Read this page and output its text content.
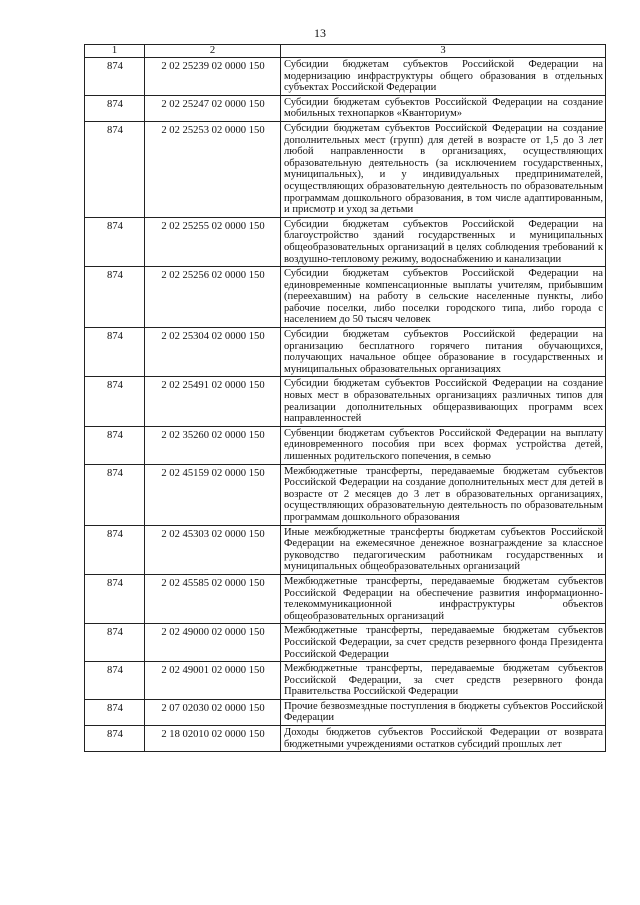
13
1	2	3
874	2 02 25239 02 0000 150	Субсидии бюджетам субъектов Российской Федерации на модернизацию инфраструктуры общего образования в отдельных субъектах Российской Федерации
874	2 02 25247 02 0000 150	Субсидии бюджетам субъектов Российской Федерации на создание мобильных технопарков «Кванториум»
874	2 02 25253 02 0000 150	Субсидии бюджетам субъектов Российской Федерации на создание дополнительных мест (групп) для детей в возрасте от 1,5 до 3 лет любой направленности в организациях, осуществляющих образовательную деятельность (за исключением государственных, муниципальных), и у индивидуальных предпринимателей, осуществляющих образовательную деятельность по образовательным программам дошкольного образования, в том числе адаптированным, и присмотр и уход за детьми
874	2 02 25255 02 0000 150	Субсидии бюджетам субъектов Российской Федерации на благоустройство зданий государственных и муниципальных общеобразовательных организаций в целях соблюдения требований к воздушно-тепловому режиму, водоснабжению и канализации
874	2 02 25256 02 0000 150	Субсидии бюджетам субъектов Российской Федерации на единовременные компенсационные выплаты учителям, прибывшим (переехавшим) на работу в сельские населенные пункты, либо рабочие поселки, либо поселки городского типа, либо города с населением до 50 тысяч человек
874	2 02 25304 02 0000 150	Субсидии бюджетам субъектов Российской федерации на организацию бесплатного горячего питания обучающихся, получающих начальное общее образование в государственных и муниципальных образовательных организациях
874	2 02 25491 02 0000 150	Субсидии бюджетам субъектов Российской Федерации на создание новых мест в образовательных организациях различных типов для реализации дополнительных общеразвивающих программ всех направленностей
874	2 02 35260 02 0000 150	Субвенции бюджетам субъектов Российской Федерации на выплату единовременного пособия при всех формах устройства детей, лишенных родительского попечения, в семью
874	2 02 45159 02 0000 150	Межбюджетные трансферты, передаваемые бюджетам субъектов Российской Федерации на создание дополнительных мест для детей в возрасте от 2 месяцев до 3 лет в образовательных организациях, осуществляющих образовательную деятельность по образовательным программам дошкольного образования
874	2 02 45303 02 0000 150	Иные межбюджетные трансферты бюджетам субъектов Российской Федерации на ежемесячное денежное вознаграждение за классное руководство педагогическим работникам государственных и муниципальных общеобразовательных организаций
874	2 02 45585 02 0000 150	Межбюджетные трансферты, передаваемые бюджетам субъектов Российской Федерации на обеспечение развития информационно-телекоммуникационной инфраструктуры объектов общеобразовательных организаций
874	2 02 49000 02 0000 150	Межбюджетные трансферты, передаваемые бюджетам субъектов Российской Федерации, за счет средств резервного фонда Президента Российской Федерации
874	2 02 49001 02 0000 150	Межбюджетные трансферты, передаваемые бюджетам субъектов Российской Федерации, за счет средств резервного фонда Правительства Российской Федерации
874	2 07 02030 02 0000 150	Прочие безвозмездные поступления в бюджеты субъектов Российской Федерации
874	2 18 02010 02 0000 150	Доходы бюджетов субъектов Российской Федерации от возврата бюджетными учреждениями остатков субсидий прошлых лет
